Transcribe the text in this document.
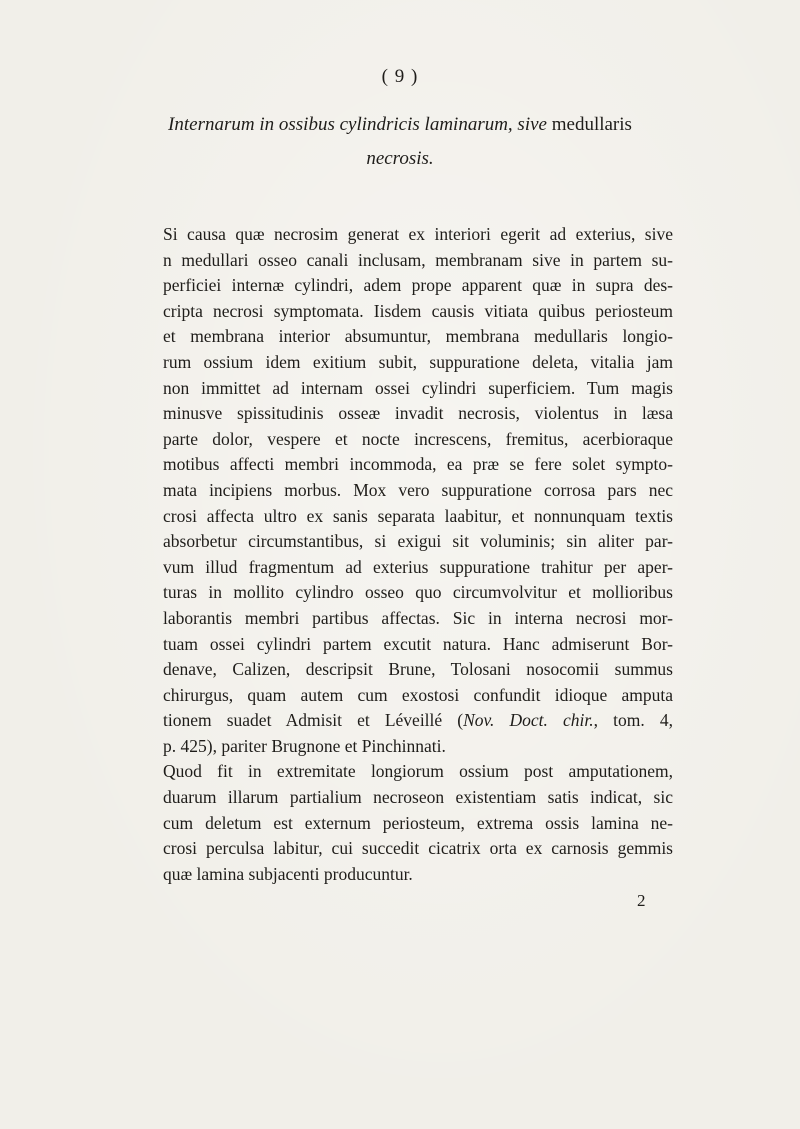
( 9 )
Internarum in ossibus cylindricis laminarum, sive medullaris
necrosis.
Si causa quæ necrosim generat ex interiori egerit ad exterius, sive
n medullari osseo canali inclusam, membranam sive in partem su-
perficiei internæ cylindri, adem prope apparent quæ in supra des-
cripta necrosi symptomata. Iisdem causis vitiata quibus periosteum
et membrana interior absumuntur, membrana medullaris longio-
rum ossium idem exitium subit, suppuratione deleta, vitalia jam
non immittet ad internam ossei cylindri superficiem. Tum magis
minusve spissitudinis osseæ invadit necrosis, violentus in læsa
parte dolor, vespere et nocte increscens, fremitus, acerbioraque
motibus affecti membri incommoda, ea præ se fere solet sympto-
mata incipiens morbus. Mox vero suppuratione corrosa pars nec
crosi affecta ultro ex sanis separata laabitur, et nonnunquam textis
absorbetur circumstantibus, si exigui sit voluminis; sin aliter par-
vum illud fragmentum ad exterius suppuratione trahitur per aper-
turas in mollito cylindro osseo quo circumvolvitur et mollioribus
laborantis membri partibus affectas. Sic in interna necrosi mor-
tuam ossei cylindri partem excutit natura. Hanc admiserunt Bor-
denave, Calizen, descripsit Brune, Tolosani nosocomii summus
chirurgus, quam autem cum exostosi confundit idioque amputa
tionem suadet Admisit et Léveillé (Nov. Doct. chir., tom. 4,
p. 425), pariter Brugnone et Pinchinnati.
Quod fit in extremitate longiorum ossium post amputationem,
duarum illarum partialium necroseon existentiam satis indicat, sic
cum deletum est externum periosteum, extrema ossis lamina ne-
crosi perculsa labitur, cui succedit cicatrix orta ex carnosis gemmis
quæ lamina subjacenti producuntur.
2
